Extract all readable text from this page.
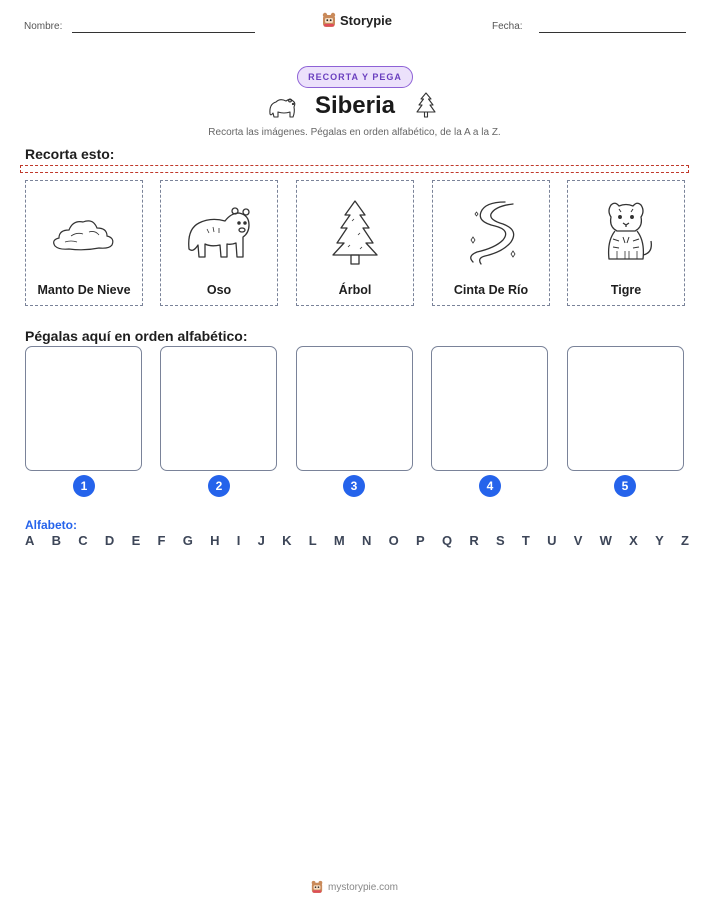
Nombre:	Storypie	Fecha:
RECORTA Y PEGA
Siberia
Recorta las imágenes. Pégalas en orden alfabético, de la A a la Z.
Recorta esto:
Manto De Nieve	Oso	Árbol	Cinta De Río	Tigre
Pégalas aquí en orden alfabético:
1	2	3	4	5
Alfabeto:
A B C D E F G H I J K L M N O P Q R S T U V W X Y Z
mystorypie.com
